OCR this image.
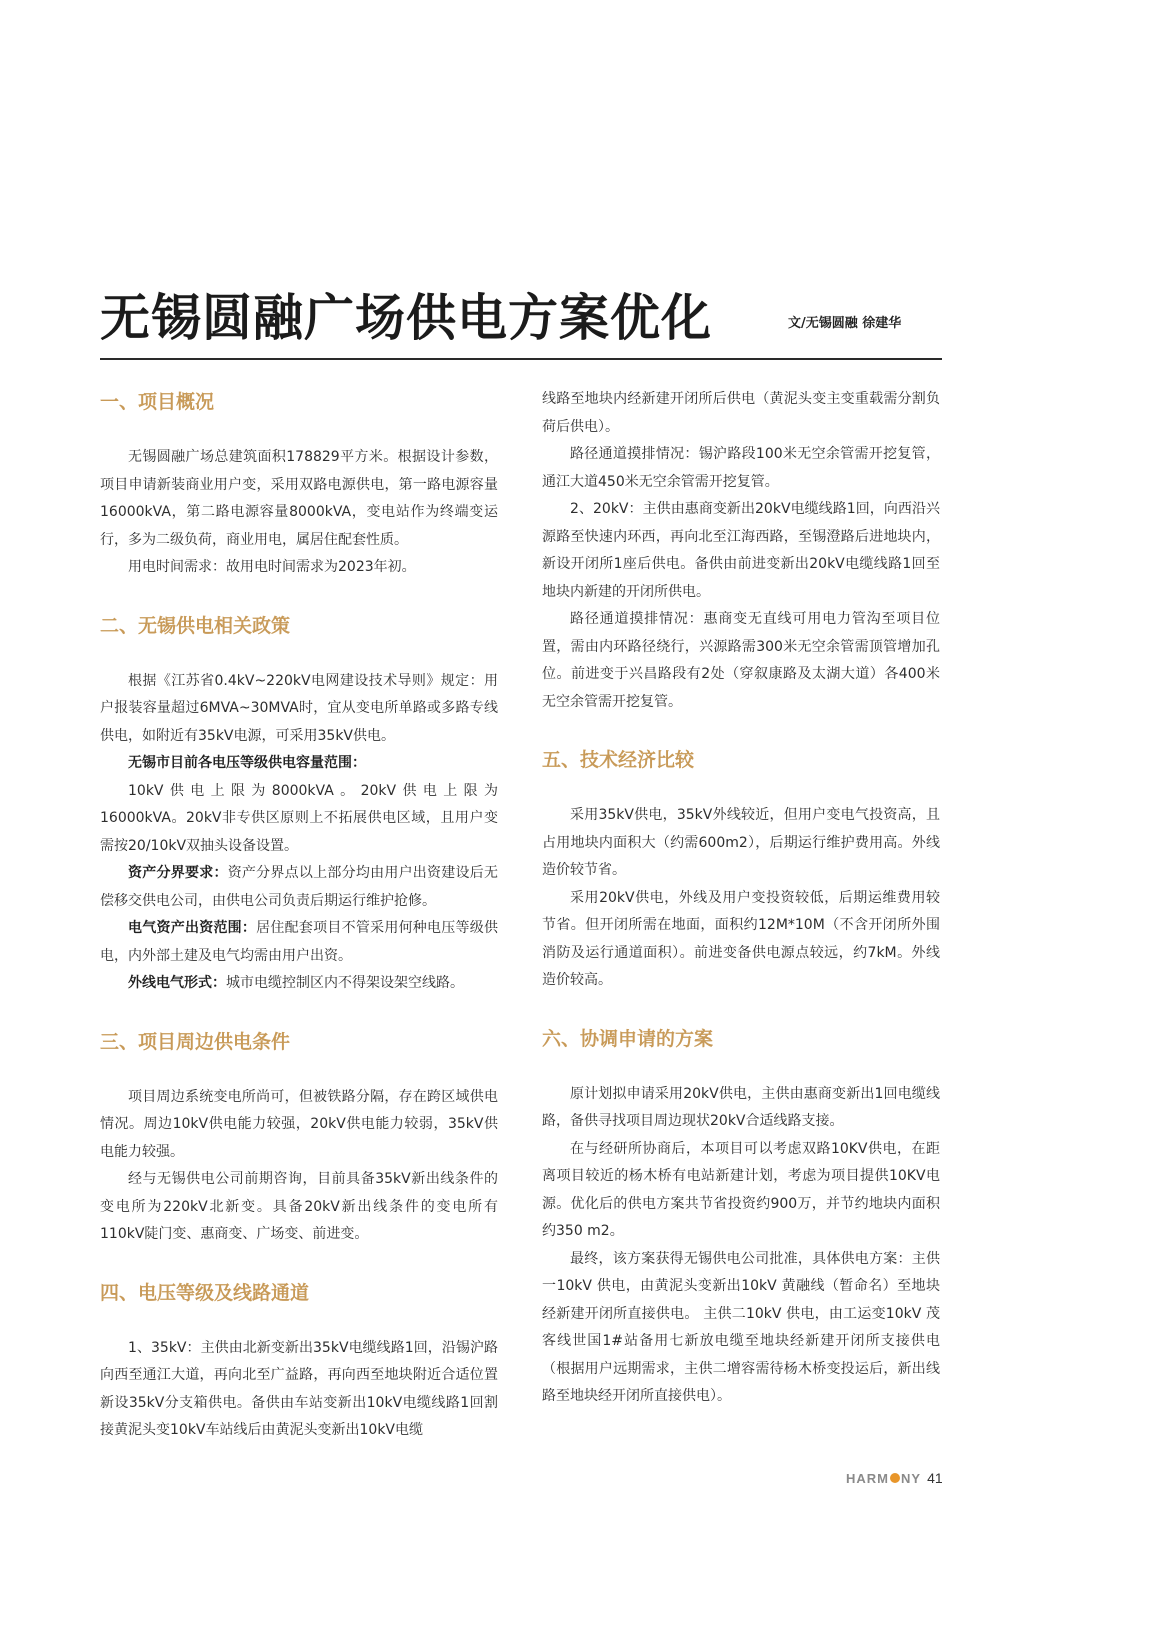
无锡圆融广场供电方案优化	文/无锡圆融 徐建华
一、项目概况

无锡圆融广场总建筑面积178829平方米。根据设计参数，项目申请新装商业用户变，采用双路电源供电，第一路电源容量16000kVA，第二路电源容量8000kVA，变电站作为终端变运行，多为二级负荷，商业用电，属居住配套性质。

用电时间需求：故用电时间需求为2023年初。

二、无锡供电相关政策

根据《江苏省0.4kV~220kV电网建设技术导则》规定：用户报装容量超过6MVA~30MVA时，宜从变电所单路或多路专线供电，如附近有35kV电源，可采用35kV供电。

无锡市目前各电压等级供电容量范围：

10kV供电上限为8000kVA。20kV供电上限为16000kVA。20kV非专供区原则上不拓展供电区域，且用户变需按20/10kV双抽头设备设置。

资产分界要求：资产分界点以上部分均由用户出资建设后无偿移交供电公司，由供电公司负责后期运行维护抢修。

电气资产出资范围：居住配套项目不管采用何种电压等级供电，内外部土建及电气均需由用户出资。

外线电气形式：城市电缆控制区内不得架设架空线路。

三、项目周边供电条件

项目周边系统变电所尚可，但被铁路分隔，存在跨区域供电情况。周边10kV供电能力较强，20kV供电能力较弱，35kV供电能力较强。

经与无锡供电公司前期咨询，目前具备35kV新出线条件的变电所为220kV北新变。具备20kV新出线条件的变电所有110kV陡门变、惠商变、广场变、前进变。

四、电压等级及线路通道

1、35kV：主供由北新变新出35kV电缆线路1回，沿锡沪路向西至通江大道，再向北至广益路，再向西至地块附近合适位置新设35kV分支箱供电。备供由车站变新出10kV电缆线路1回割接黄泥头变10kV车站线后由黄泥头变新出10kV电缆

线路至地块内经新建开闭所后供电（黄泥头变主变重载需分割负荷后供电）。

路径通道摸排情况：锡沪路段100米无空余管需开挖复管，通江大道450米无空余管需开挖复管。

2、20kV：主供由惠商变新出20kV电缆线路1回，向西沿兴源路至快速内环西，再向北至江海西路，至锡澄路后进地块内，新设开闭所1座后供电。备供由前进变新出20kV电缆线路1回至地块内新建的开闭所供电。

路径通道摸排情况：惠商变无直线可用电力管沟至项目位置，需由内环路径绕行，兴源路需300米无空余管需顶管增加孔位。前进变于兴昌路段有2处（穿叙康路及太湖大道）各400米无空余管需开挖复管。

五、技术经济比较

采用35kV供电，35kV外线较近，但用户变电气投资高，且占用地块内面积大（约需600m2），后期运行维护费用高。外线造价较节省。

采用20kV供电，外线及用户变投资较低，后期运维费用较节省。但开闭所需在地面，面积约12M*10M（不含开闭所外围消防及运行通道面积）。前进变备供电源点较远，约7kM。外线造价较高。

六、协调申请的方案

原计划拟申请采用20kV供电，主供由惠商变新出1回电缆线路，备供寻找项目周边现状20kV合适线路支接。

在与经研所协商后，本项目可以考虑双路10KV供电，在距离项目较近的杨木桥有电站新建计划，考虑为项目提供10KV电源。优化后的供电方案共节省投资约900万，并节约地块内面积约350 m2。

最终，该方案获得无锡供电公司批准，具体供电方案：主供一10kV 供电，由黄泥头变新出10kV 黄融线（暂命名）至地块经新建开闭所直接供电。 主供二10kV 供电，由工运变10kV 茂客线世国1#站备用七新放电缆至地块经新建开闭所支接供电（根据用户远期需求，主供二增容需待杨木桥变投运后，新出线路至地块经开闭所直接供电）。

HARM NY 41
